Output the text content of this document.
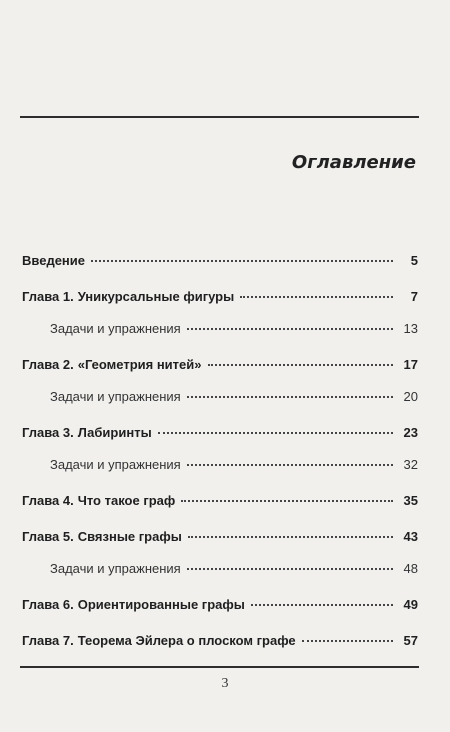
Оглавление
Введение	5
Глава 1. Уникурсальные фигуры	7
Задачи и упражнения	13
Глава 2. «Геометрия нитей»	17
Задачи и упражнения	20
Глава 3. Лабиринты	23
Задачи и упражнения	32
Глава 4. Что такое граф	35
Глава 5. Связные графы	43
Задачи и упражнения	48
Глава 6. Ориентированные графы	49
Глава 7. Теорема Эйлера о плоском графе	57
3
